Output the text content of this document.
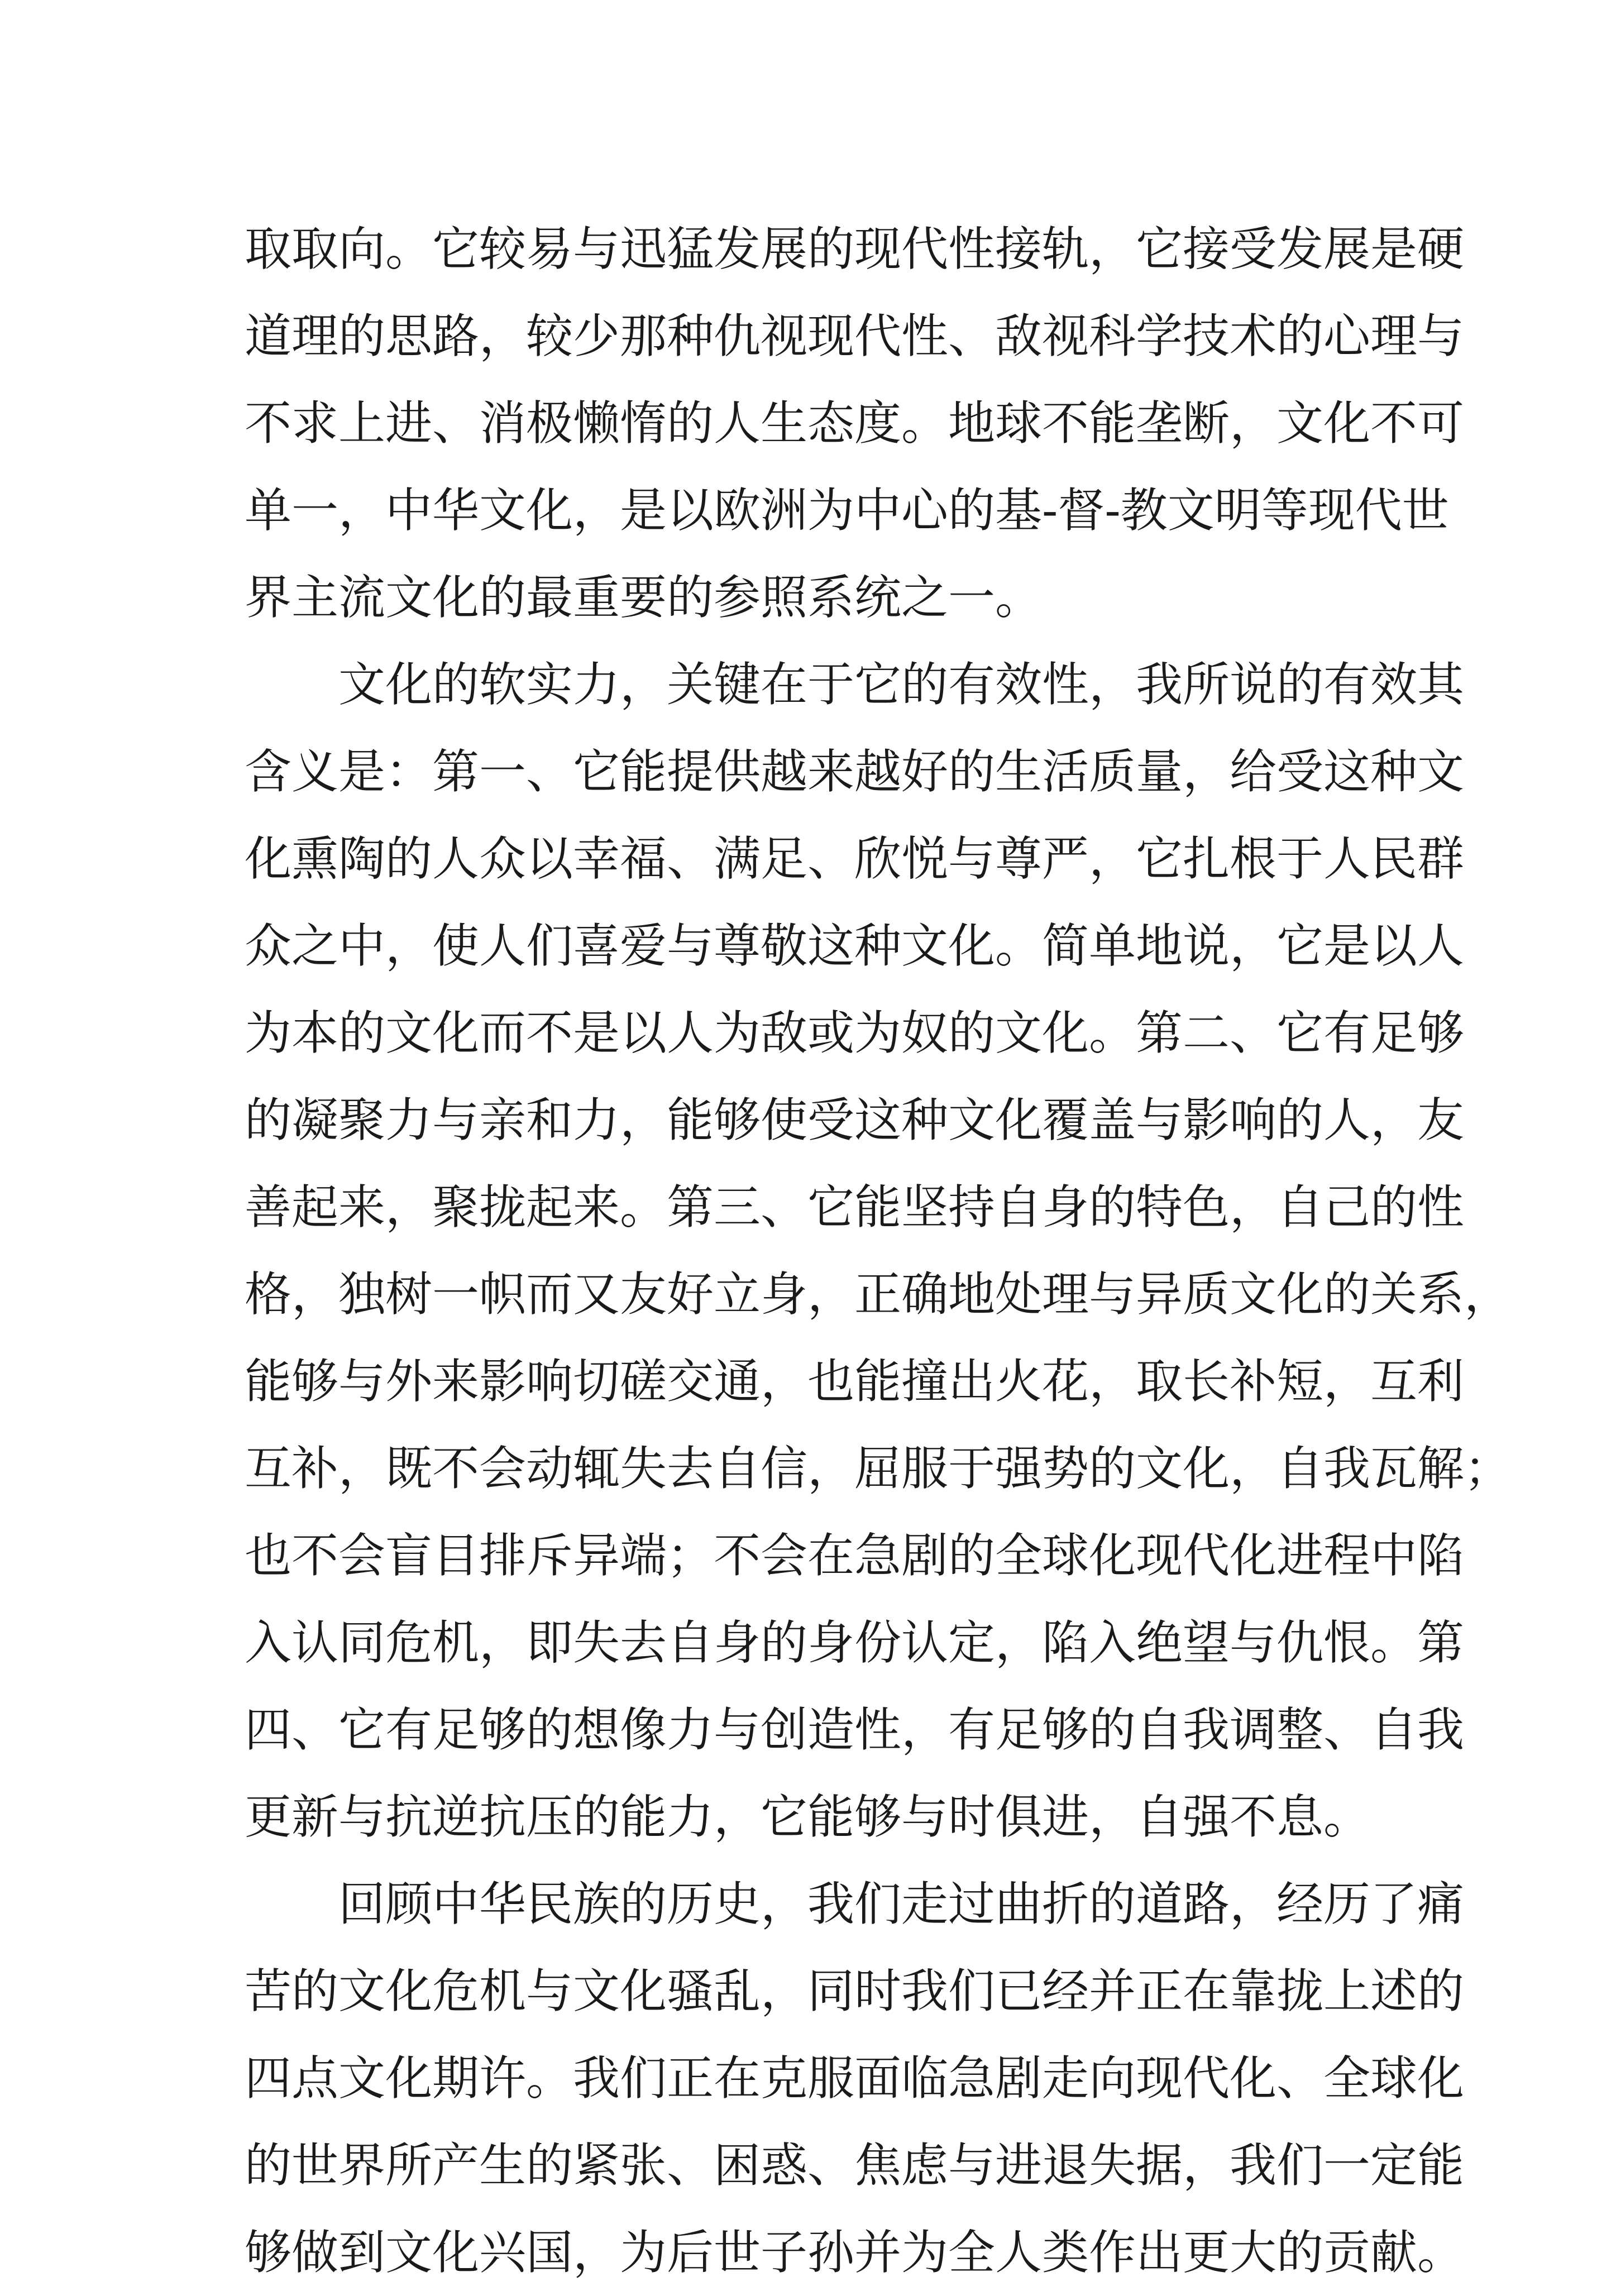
取取向。它较易与迅猛发展的现代性接轨，它接受发展是硬
道理的思路，较少那种仇视现代性、敌视科学技术的心理与
不求上进、消极懒惰的人生态度。地球不能垄断，文化不可
单一，中华文化，是以欧洲为中心的基-督-教文明等现代世
界主流文化的最重要的参照系统之一。
文化的软实力，关键在于它的有效性，我所说的有效其
含义是：第一、它能提供越来越好的生活质量，给受这种文
化熏陶的人众以幸福、满足、欣悦与尊严，它扎根于人民群
众之中，使人们喜爱与尊敬这种文化。简单地说，它是以人
为本的文化而不是以人为敌或为奴的文化。第二、它有足够
的凝聚力与亲和力，能够使受这种文化覆盖与影响的人，友
善起来，聚拢起来。第三、它能坚持自身的特色，自己的性
格，独树一帜而又友好立身，正确地处理与异质文化的关系，
能够与外来影响切磋交通，也能撞出火花，取长补短，互利
互补，既不会动辄失去自信，屈服于强势的文化，自我瓦解；
也不会盲目排斥异端；不会在急剧的全球化现代化进程中陷
入认同危机，即失去自身的身份认定，陷入绝望与仇恨。第
四、它有足够的想像力与创造性，有足够的自我调整、自我
更新与抗逆抗压的能力，它能够与时俱进，自强不息。
回顾中华民族的历史，我们走过曲折的道路，经历了痛
苦的文化危机与文化骚乱，同时我们已经并正在靠拢上述的
四点文化期许。我们正在克服面临急剧走向现代化、全球化
的世界所产生的紧张、困惑、焦虑与进退失据，我们一定能
够做到文化兴国，为后世子孙并为全人类作出更大的贡献。
